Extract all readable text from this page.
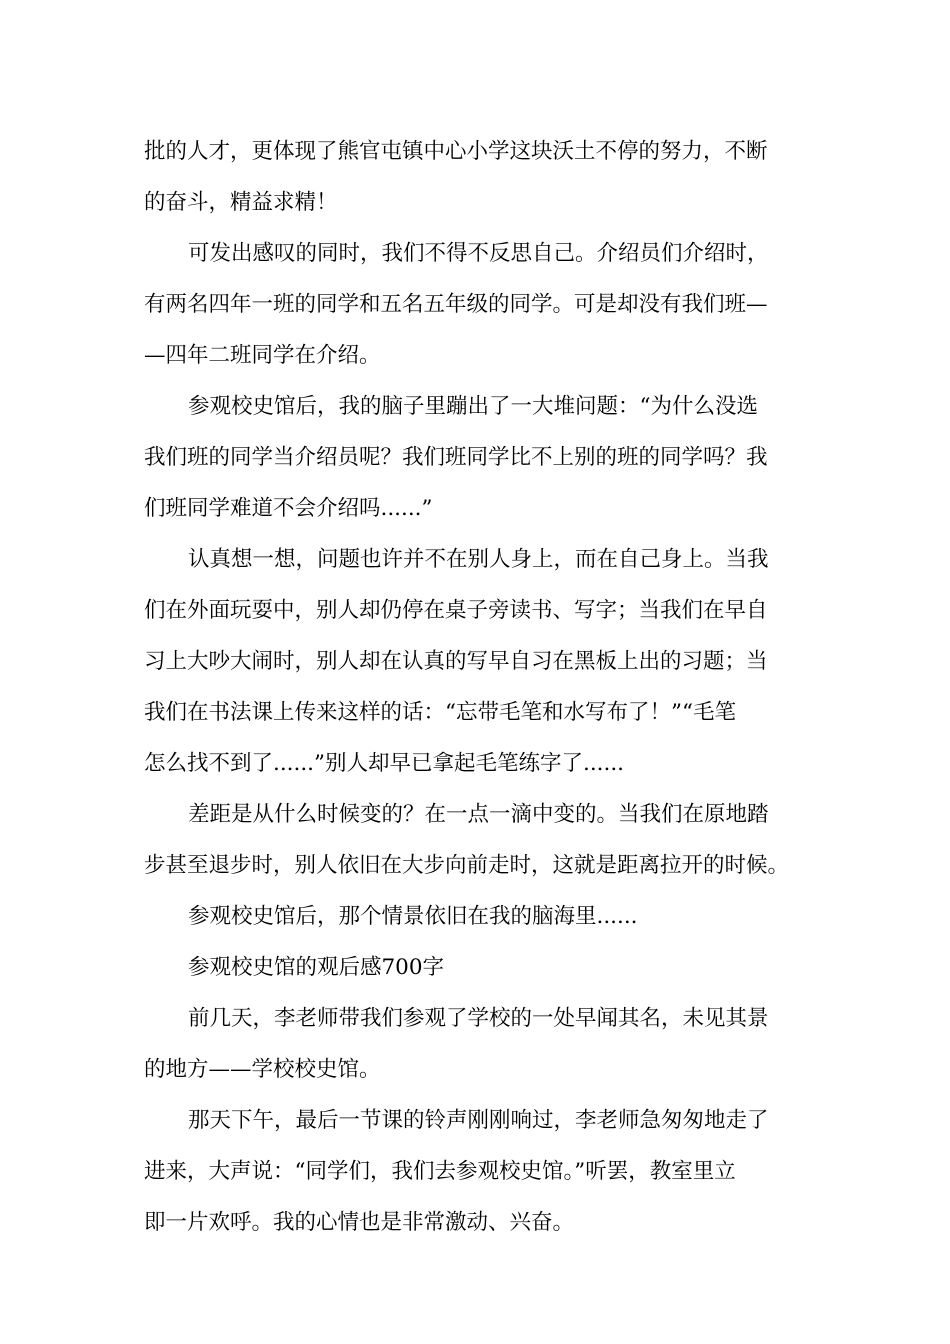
批的人才，更体现了熊官屯镇中心小学这块沃土不停的努力，不断
的奋斗，精益求精！
可发出感叹的同时，我们不得不反思自己。介绍员们介绍时，
有两名四年一班的同学和五名五年级的同学。可是却没有我们班—
—四年二班同学在介绍。
参观校史馆后，我的脑子里蹦出了一大堆问题：“为什么没选
我们班的同学当介绍员呢？我们班同学比不上别的班的同学吗？我
们班同学难道不会介绍吗......”
认真想一想，问题也许并不在别人身上，而在自己身上。当我
们在外面玩耍中，别人却仍停在桌子旁读书、写字；当我们在早自
习上大吵大闹时，别人却在认真的写早自习在黑板上出的习题；当
我们在书法课上传来这样的话：“忘带毛笔和水写布了！”“毛笔
怎么找不到了......”别人却早已拿起毛笔练字了......
差距是从什么时候变的？在一点一滴中变的。当我们在原地踏
步甚至退步时，别人依旧在大步向前走时，这就是距离拉开的时候。
参观校史馆后，那个情景依旧在我的脑海里......
参观校史馆的观后感700字
前几天，李老师带我们参观了学校的一处早闻其名，未见其景
的地方——学校校史馆。
那天下午，最后一节课的铃声刚刚响过，李老师急匆匆地走了
进来，大声说：“同学们，我们去参观校史馆。”听罢，教室里立
即一片欢呼。我的心情也是非常激动、兴奋。
